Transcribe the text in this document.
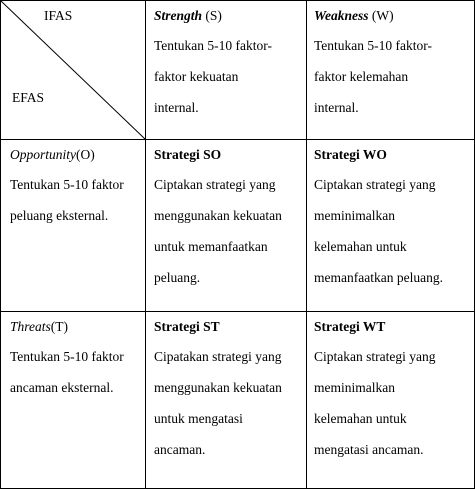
IFAS
EFAS
Strength (S)
Tentukan 5-10 faktor-
faktor kekuatan
internal.
Weakness (W)
Tentukan 5-10 faktor-
faktor kelemahan
internal.
Opportunity(O)
Tentukan 5-10 faktor
peluang eksternal.
Strategi SO
Ciptakan strategi yang
menggunakan kekuatan
untuk memanfaatkan
peluang.
Strategi WO
Ciptakan strategi yang
meminimalkan
kelemahan untuk
memanfaatkan peluang.
Threats(T)
Tentukan 5-10 faktor
ancaman eksternal.
Strategi ST
Cipatakan strategi yang
menggunakan kekuatan
untuk mengatasi
ancaman.
Strategi WT
Ciptakan strategi yang
meminimalkan
kelemahan untuk
mengatasi ancaman.
